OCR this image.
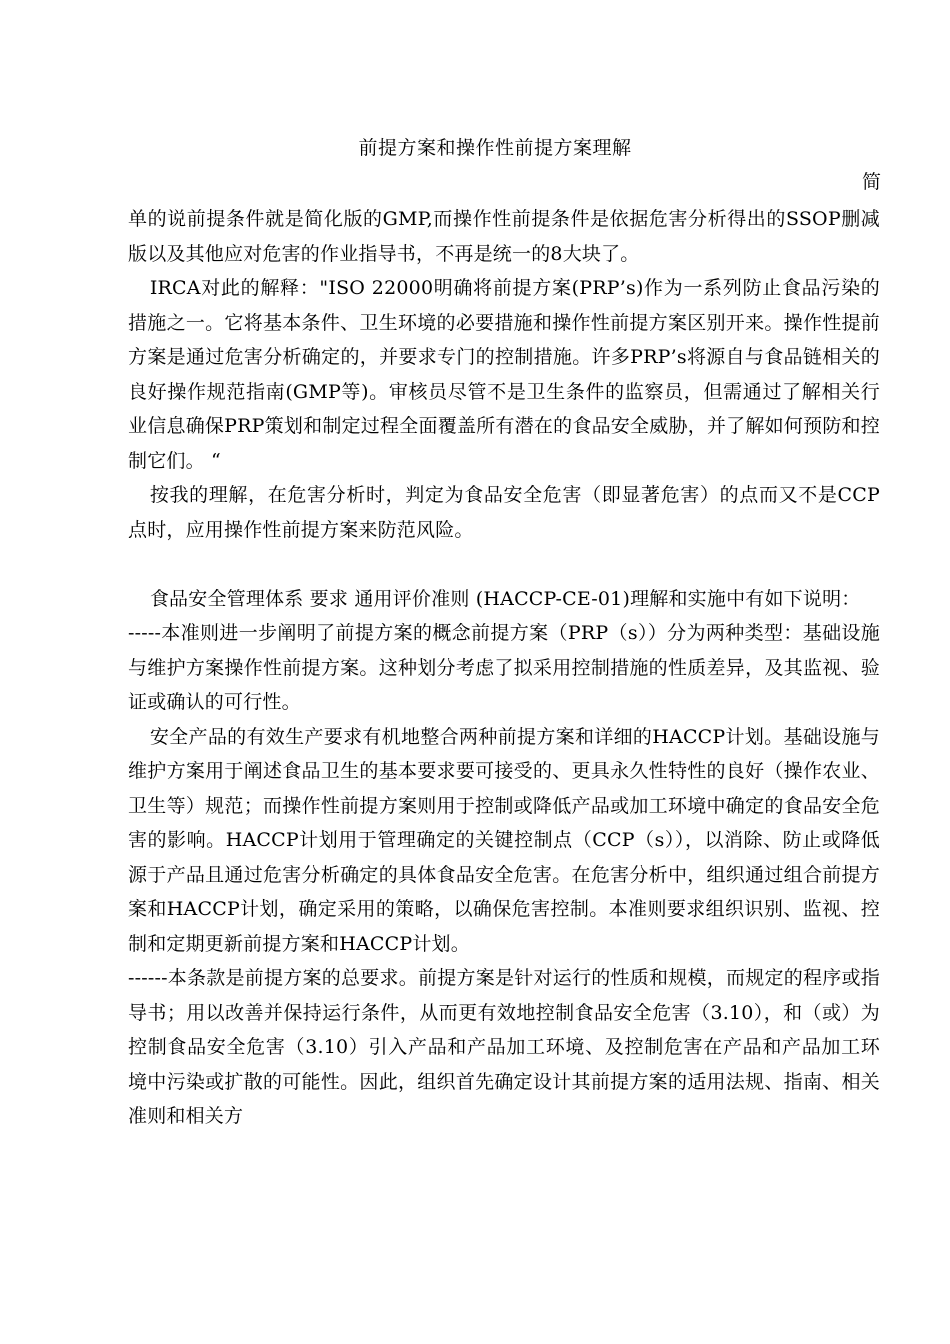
前提方案和操作性前提方案理解
简

单的说前提条件就是简化版的GMP,而操作性前提条件是依据危害分析得出的SSOP删减版以及其他应对危害的作业指导书，不再是统一的8大块了。

IRCA对此的解释："ISO 22000明确将前提方案(PRP’s)作为一系列防止食品污染的措施之一。它将基本条件、卫生环境的必要措施和操作性前提方案区别开来。操作性提前方案是通过危害分析确定的，并要求专门的控制措施。许多PRP’s将源自与食品链相关的良好操作规范指南(GMP等)。审核员尽管不是卫生条件的监察员，但需通过了解相关行业信息确保PRP策划和制定过程全面覆盖所有潜在的食品安全威胁，并了解如何预防和控制它们。 “

按我的理解，在危害分析时，判定为食品安全危害（即显著危害）的点而又不是CCP点时，应用操作性前提方案来防范风险。

食品安全管理体系 要求 通用评价准则 (HACCP-CE-01)理解和实施中有如下说明：

-----本准则进一步阐明了前提方案的概念前提方案（PRP（s））分为两种类型：基础设施与维护方案操作性前提方案。这种划分考虑了拟采用控制措施的性质差异，及其监视、验证或确认的可行性。

安全产品的有效生产要求有机地整合两种前提方案和详细的HACCP计划。基础设施与维护方案用于阐述食品卫生的基本要求要可接受的、更具永久性特性的良好（操作农业、卫生等）规范；而操作性前提方案则用于控制或降低产品或加工环境中确定的食品安全危害的影响。HACCP计划用于管理确定的关键控制点（CCP（s）），以消除、防止或降低源于产品且通过危害分析确定的具体食品安全危害。在危害分析中，组织通过组合前提方案和HACCP计划，确定采用的策略，以确保危害控制。本准则要求组织识别、监视、控制和定期更新前提方案和HACCP计划。

------本条款是前提方案的总要求。前提方案是针对运行的性质和规模，而规定的程序或指导书；用以改善并保持运行条件，从而更有效地控制食品安全危害（3.10），和（或）为控制食品安全危害（3.10）引入产品和产品加工环境、及控制危害在产品和产品加工环境中污染或扩散的可能性。因此，组织首先确定设计其前提方案的适用法规、指南、相关准则和相关方
